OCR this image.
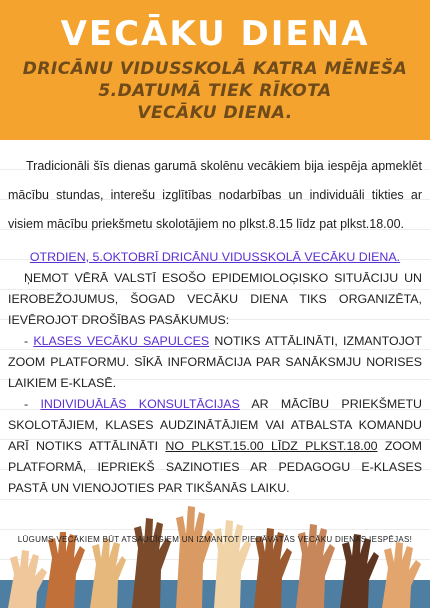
VECĀKU DIENA
DRICĀNU VIDUSSKOLĀ KATRA MĒNEŠA
5.DATUMĀ TIEK RĪKOTA
VECĀKU DIENA.

Tradicionāli šīs dienas garumā skolēnu vecākiem bija iespēja apmeklēt mācību stundas, interešu izglītības nodarbības un individuāli tikties ar visiem mācību priekšmetu skolotājiem no plkst.8.15 līdz pat plkst.18.00.

OTRDIEN, 5.OKTOBRĪ DRICĀNU VIDUSSKOLĀ VECĀKU DIENA.

ŅEMOT VĒRĀ VALSTĪ ESOŠO EPIDEMIOLOĢISKO SITUĀCIJU UN IEROBEŽOJUMUS, ŠOGAD VECĀKU DIENA TIKS ORGANIZĒTA, IEVĒROJOT DROŠĪBAS PASĀKUMUS:

- KLASES VECĀKU SAPULCES NOTIKS ATTĀLINĀTI, IZMANTOJOT ZOOM PLATFORMU. SĪKĀ INFORMĀCIJA PAR SANĀKSMJU NORISES LAIKIEM E-KLASĒ.

- INDIVIDUĀLĀS KONSULTĀCIJAS AR MĀCĪBU PRIEKŠMETU SKOLOTĀJIEM, KLASES AUDZINĀTĀJIEM VAI ATBALSTA KOMANDU ARĪ NOTIKS ATTĀLINĀTI NO PLKST.15.00 LĪDZ PLKST.18.00 ZOOM PLATFORMĀ, IEPRIEKŠ SAZINOTIES AR PEDAGOGU E-KLASES PASTĀ UN VIENOJOTIES PAR TIKŠANĀS LAIKU.

LŪGUMS VECĀKIEM BŪT ATSAUCĪGIEM UN IZMANTOT PIEDĀVĀTĀS VECĀKU DIENAS IESPĒJAS!
